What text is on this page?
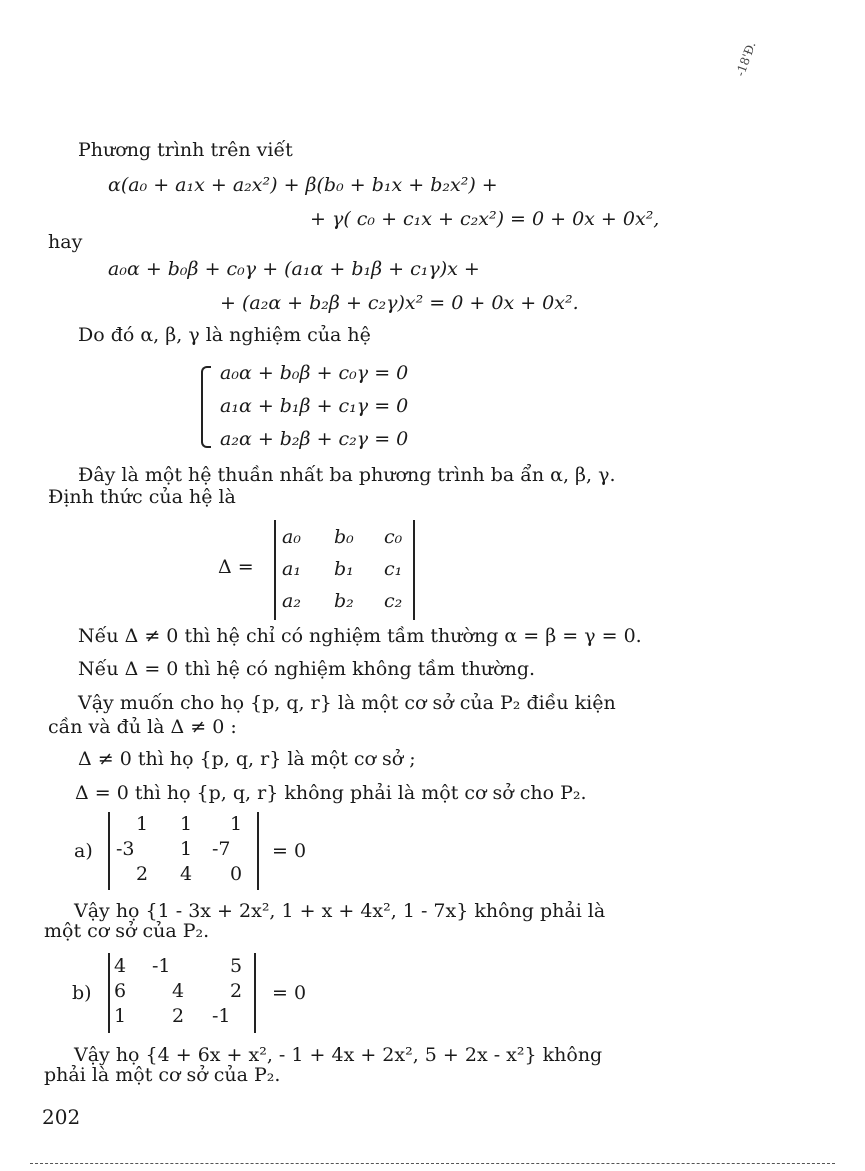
-18'Đ.
Phương trình trên viết
α(a₀ + a₁x + a₂x²) + β(b₀ + b₁x + b₂x²) +
+ γ( c₀ + c₁x + c₂x²) = 0 + 0x + 0x²,
hay
a₀α + b₀β + c₀γ + (a₁α + b₁β + c₁γ)x +
+ (a₂α + b₂β + c₂γ)x² = 0 + 0x + 0x².
Do đó α, β, γ là nghiệm của hệ
a₀α + b₀β + c₀γ = 0
a₁α + b₁β + c₁γ = 0
a₂α + b₂β + c₂γ = 0
Đây là một hệ thuần nhất ba phương trình ba ẩn α, β, γ.
Định thức của hệ là
Δ =
a₀ b₀ c₀
a₁ b₁ c₁
a₂ b₂ c₂
Nếu Δ ≠ 0 thì hệ chỉ có nghiệm tầm thường α = β = γ = 0.
Nếu Δ = 0 thì hệ có nghiệm không tầm thường.
Vậy muốn cho họ {p, q, r} là một cơ sở của P₂ điều kiện
cần và đủ là Δ ≠ 0 :
Δ ≠ 0 thì họ {p, q, r} là một cơ sở ;
Δ = 0 thì họ {p, q, r} không phải là một cơ sở cho P₂.
a)
1 1 1
-3 1 -7
2 4 0
= 0
Vậy họ {1 - 3x + 2x², 1 + x + 4x², 1 - 7x} không phải là
một cơ sở của P₂.
b)
4 -1	5
6 4 2
1 2 -1
= 0
Vậy họ {4 + 6x + x², - 1 + 4x + 2x², 5 + 2x - x²} không
phải là một cơ sở của P₂.
202
